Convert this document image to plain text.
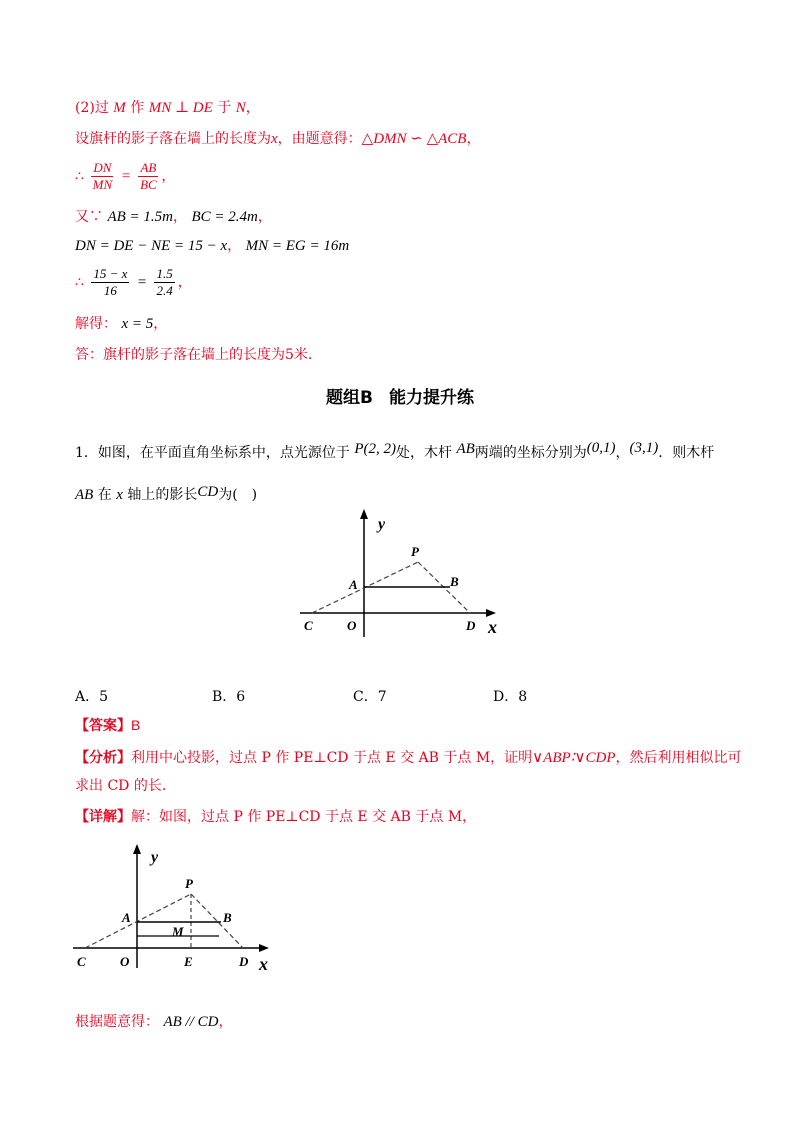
(2)过 M 作 MN ⊥ DE 于 N，
设旗杆的影子落在墙上的长度为x，由题意得：△DMN ∽ △ACB，
∴ $\frac{DN}{MN} = \frac{AB}{BC}$ ，
又∵ AB = 1.5m， BC = 2.4m，
DN = DE − NE = 15 − x， MN = EG = 16m
∴ $\frac{15 - x}{16} = \frac{1.5}{2.4}$ ，
解得： x = 5，
答：旗杆的影子落在墙上的长度为5米.
题组B 能力提升练
1．如图，在平面直角坐标系中，点光源位于 P(2, 2)处，木杆 AB两端的坐标分别为(0,1)，(3,1)．则木杆
AB 在 x 轴上的影长CD为(　)
y
x
P
A	B
C	O	D
A．5	B．6	C．7	D．8
【答案】B
【分析】利用中心投影，过点 P 作 PE⊥CD 于点 E 交 AB 于点 M，证明∨ABP∶∨CDP，然后利用相似比可
求出 CD 的长.
【详解】解：如图，过点 P 作 PE⊥CD 于点 E 交 AB 于点 M，
y
x
P
A	B
M
C	O	E	D
根据题意得： AB // CD，
